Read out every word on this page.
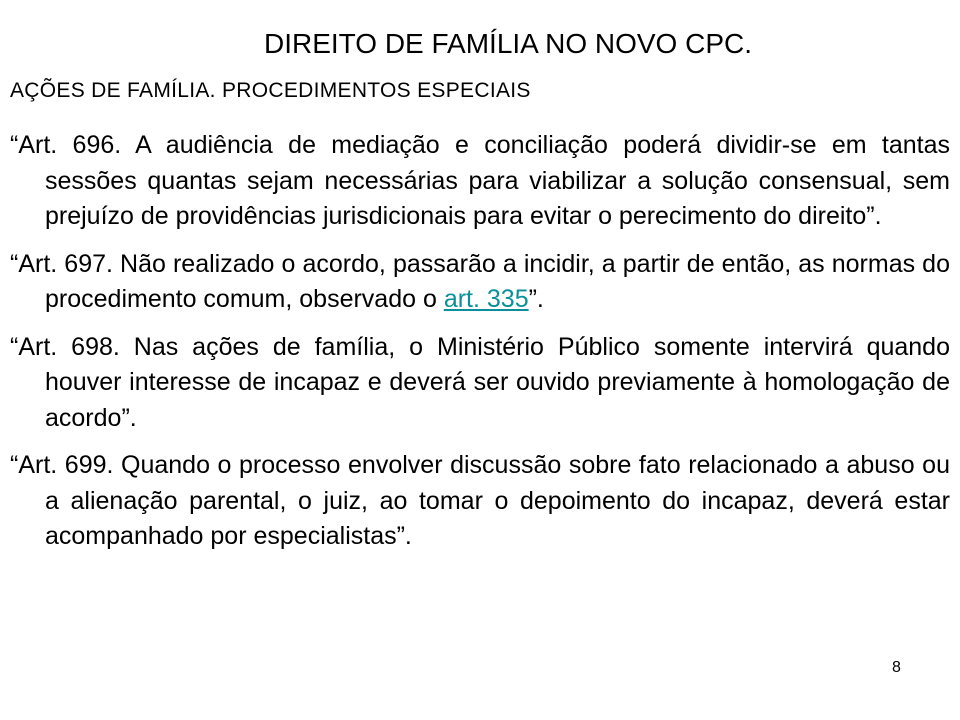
DIREITO DE FAMÍLIA NO NOVO CPC.
AÇÕES DE FAMÍLIA. PROCEDIMENTOS ESPECIAIS

“Art. 696. A audiência de mediação e conciliação poderá dividir-se em tantas sessões quantas sejam necessárias para viabilizar a solução consensual, sem prejuízo de providências jurisdicionais para evitar o perecimento do direito”.

“Art. 697. Não realizado o acordo, passarão a incidir, a partir de então, as normas do procedimento comum, observado o art. 335”.

“Art. 698. Nas ações de família, o Ministério Público somente intervirá quando houver interesse de incapaz e deverá ser ouvido previamente à homologação de acordo”.

“Art. 699. Quando o processo envolver discussão sobre fato relacionado a abuso ou a alienação parental, o juiz, ao tomar o depoimento do incapaz, deverá estar acompanhado por especialistas”.

8
